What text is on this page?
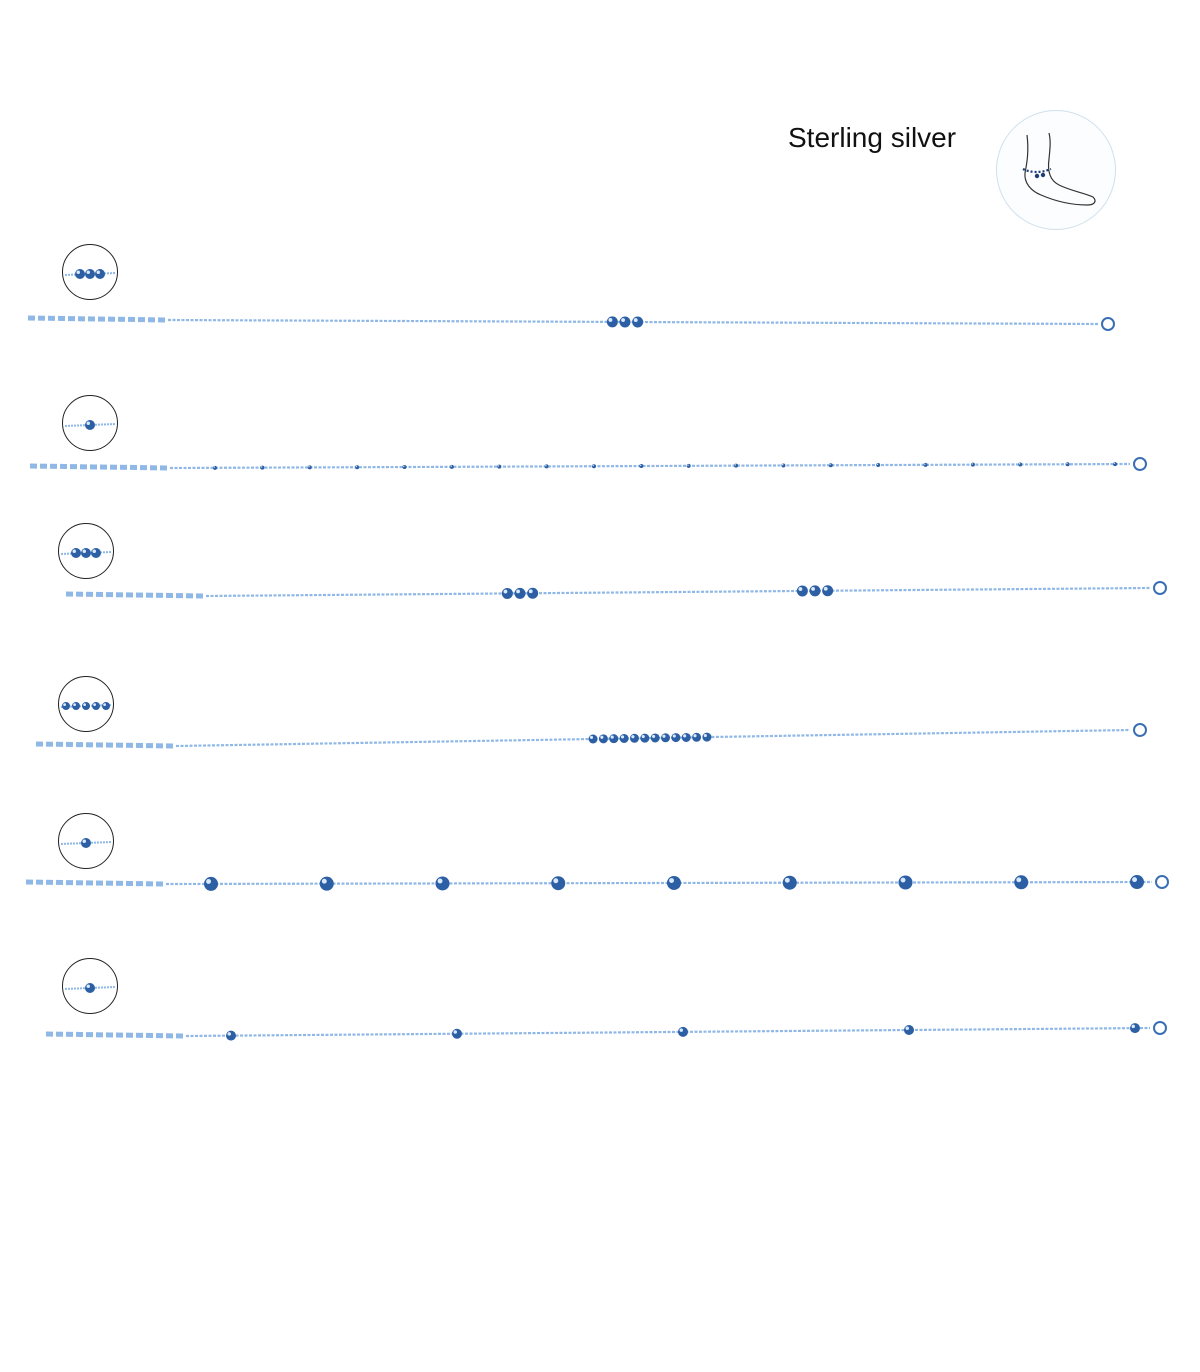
Sterling silver
